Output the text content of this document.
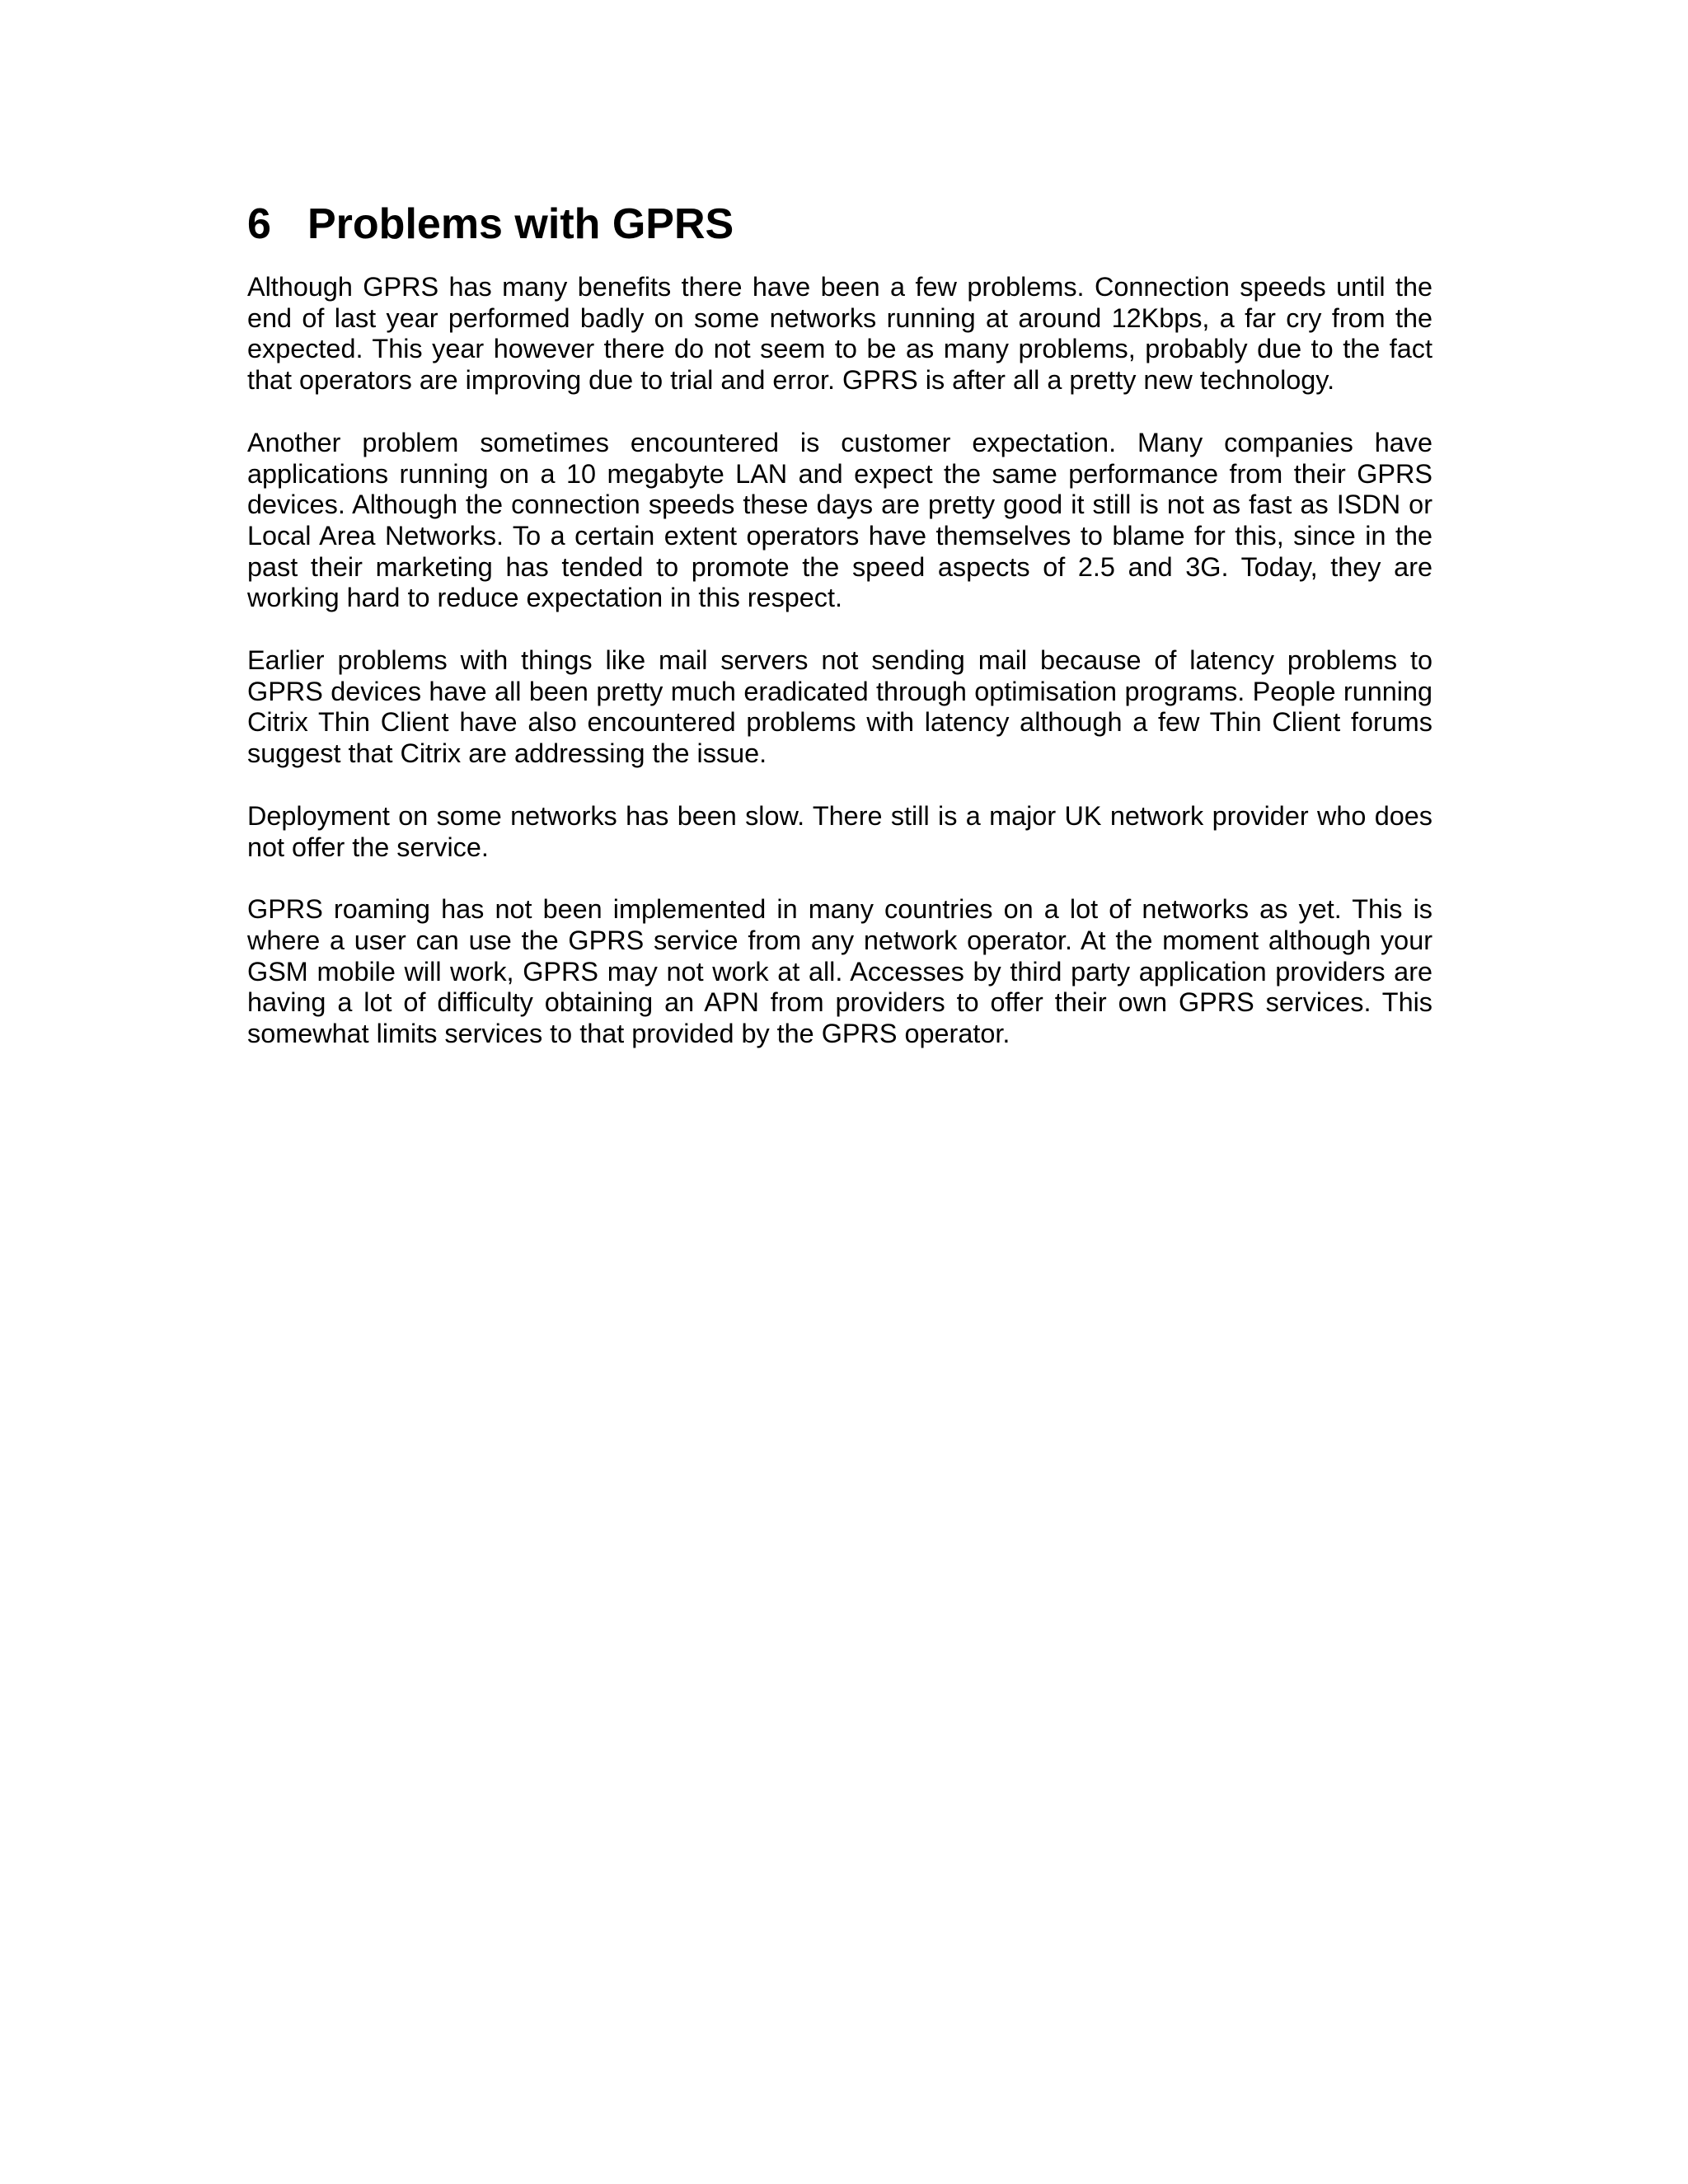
6 Problems with GPRS

Although GPRS has many benefits there have been a few problems. Connection speeds until the end of last year performed badly on some networks running at around 12Kbps, a far cry from the expected. This year however there do not seem to be as many problems, probably due to the fact that operators are improving due to trial and error. GPRS is after all a pretty new technology.

Another problem sometimes encountered is customer expectation. Many companies have applications running on a 10 megabyte LAN and expect the same performance from their GPRS devices. Although the connection speeds these days are pretty good it still is not as fast as ISDN or Local Area Networks. To a certain extent operators have themselves to blame for this, since in the past their marketing has tended to promote the speed aspects of 2.5 and 3G. Today, they are working hard to reduce expectation in this respect.

Earlier problems with things like mail servers not sending mail because of latency problems to GPRS devices have all been pretty much eradicated through optimisation programs. People running Citrix Thin Client have also encountered problems with latency although a few Thin Client forums suggest that Citrix are addressing the issue.

Deployment on some networks has been slow. There still is a major UK network provider who does not offer the service.

GPRS roaming has not been implemented in many countries on a lot of networks as yet. This is where a user can use the GPRS service from any network operator. At the moment although your GSM mobile will work, GPRS may not work at all. Accesses by third party application providers are having a lot of difficulty obtaining an APN from providers to offer their own GPRS services. This somewhat limits services to that provided by the GPRS operator.
